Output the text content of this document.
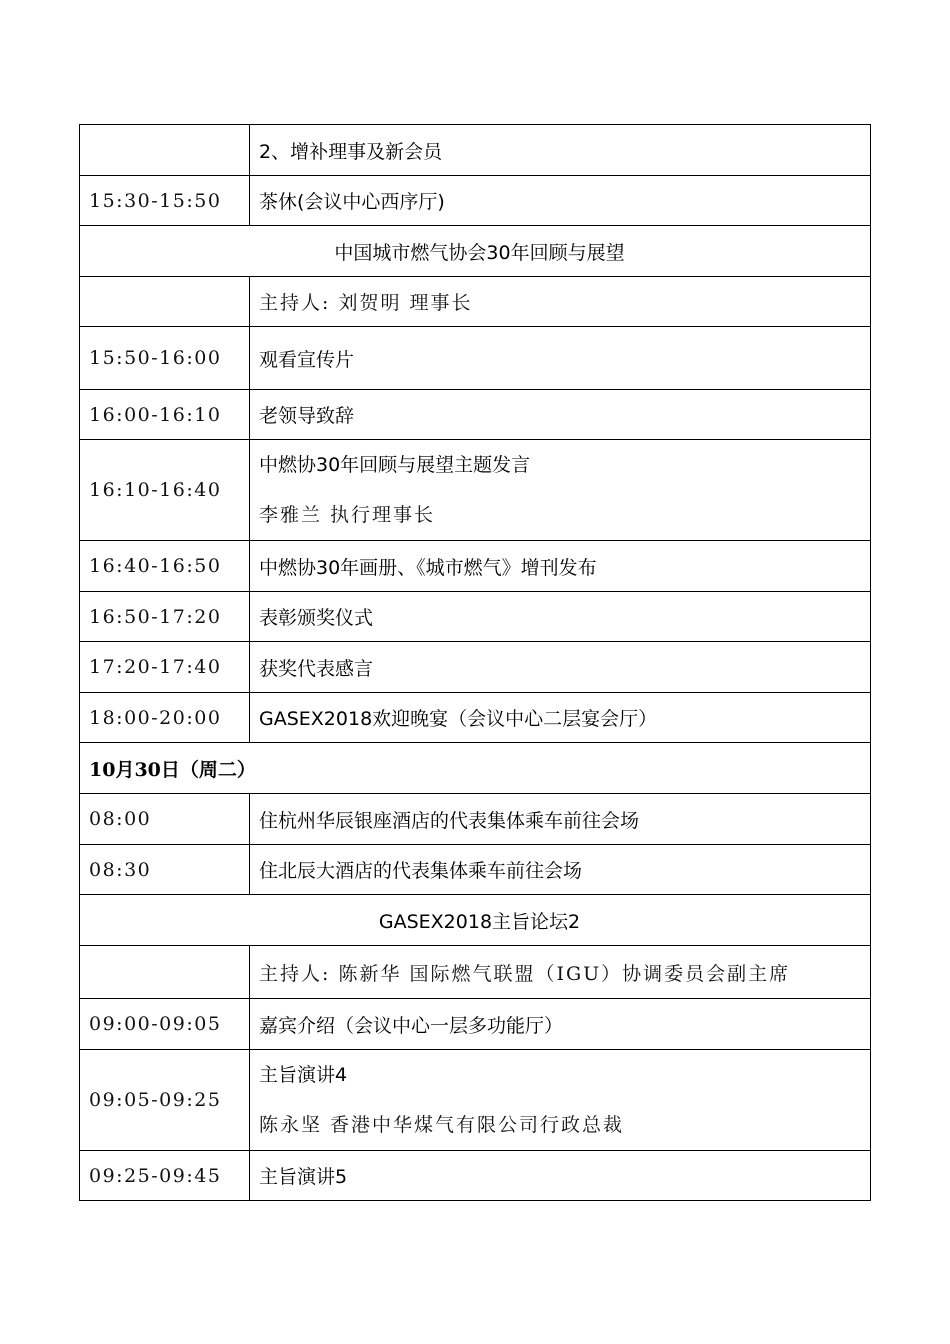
	2、增补理事及新会员
15:30-15:50	茶休(会议中心西序厅)
中国城市燃气协会30年回顾与展望	
	主持人: 刘贺明 理事长
15:50-16:00	观看宣传片
16:00-16:10	老领导致辞
16:10-16:40	中燃协30年回顾与展望主题发言
李雅兰 执行理事长

16:40-16:50	中燃协30年画册、《城市燃气》增刊发布
16:50-17:20	表彰颁奖仪式
17:20-17:40	获奖代表感言
18:00-20:00	GASEX2018欢迎晚宴（会议中心二层宴会厅）
10月30日（周二）	
08:00	住杭州华辰银座酒店的代表集体乘车前往会场
08:30	住北辰大酒店的代表集体乘车前往会场
GASEX2018主旨论坛2	
	主持人: 陈新华 国际燃气联盟（IGU）协调委员会副主席
09:00-09:05	嘉宾介绍（会议中心一层多功能厅）
09:05-09:25	主旨演讲4
陈永坚 香港中华煤气有限公司行政总裁

09:25-09:45	主旨演讲5
